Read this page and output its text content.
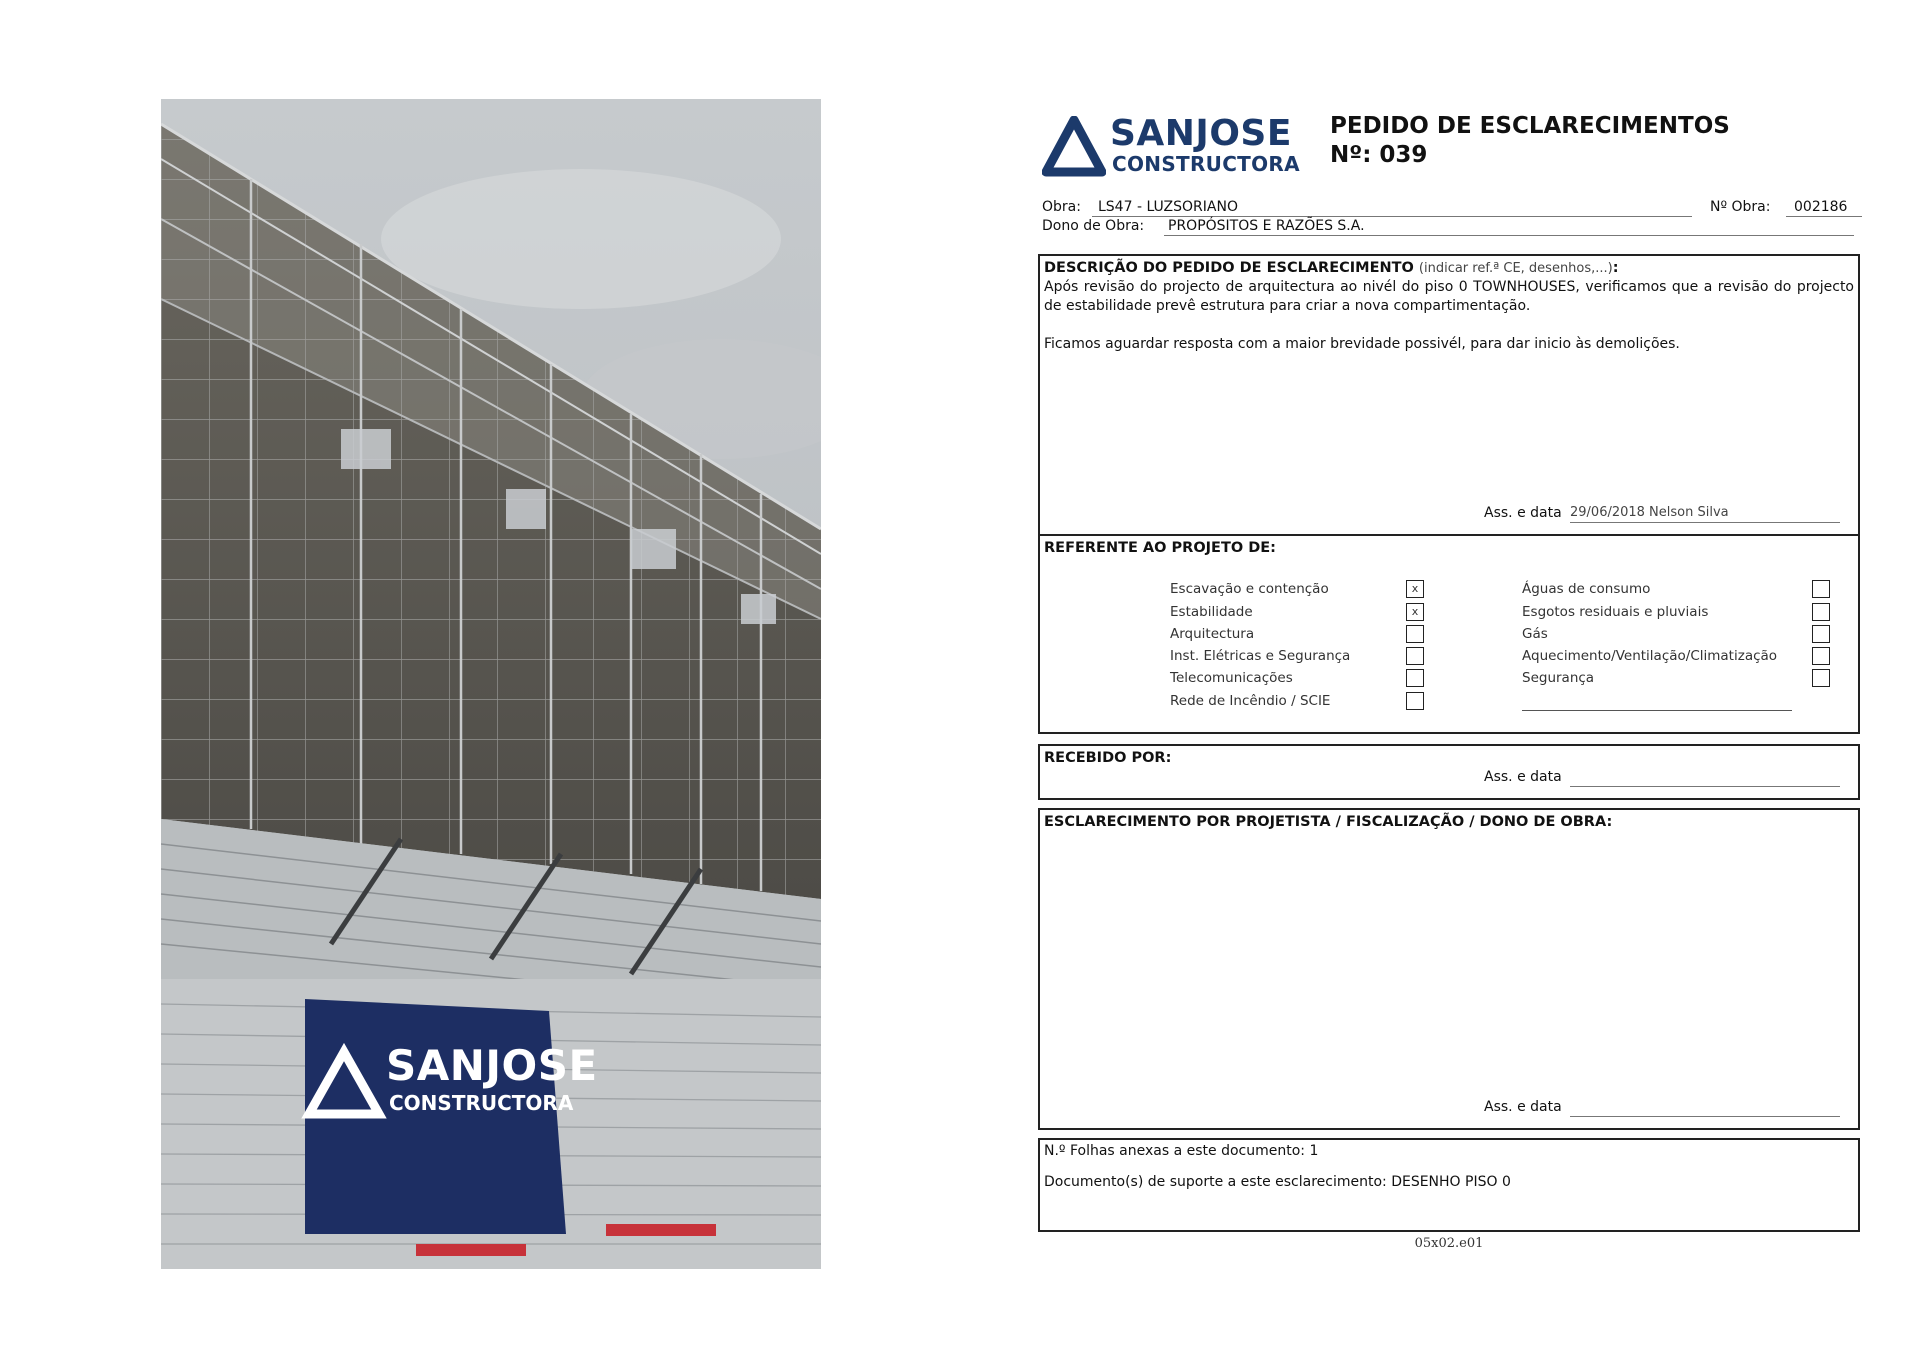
SANJOSE
CONSTRUCTORA
SANJOSE
CONSTRUCTORA
PEDIDO DE ESCLARECIMENTOS
Nº: 039
Obra:	LS47 - LUZSORIANO	Nº Obra:	002186
Dono de Obra: PROPÓSITOS E RAZÕES S.A.
DESCRIÇÃO DO PEDIDO DE ESCLARECIMENTO (indicar ref.ª CE, desenhos,...):

Após revisão do projecto de arquitectura ao nivél do piso 0 TOWNHOUSES, verificamos que a revisão do projecto de estabilidade prevê estrutura para criar a nova compartimentação.

Ficamos aguardar resposta com a maior brevidade possivél, para dar inicio às demolições.

Ass. e data 29/06/2018 Nelson Silva
REFERENTE AO PROJETO DE:
Escavação e contenção	x
Estabilidade	x
Arquitectura
Inst. Elétricas e Segurança
Telecomunicações
Rede de Incêndio / SCIE
Águas de consumo
Esgotos residuais e pluviais
Gás
Aquecimento/Ventilação/Climatização
Segurança
RECEBIDO POR:
Ass. e data
ESCLARECIMENTO POR PROJETISTA / FISCALIZAÇÃO / DONO DE OBRA:
Ass. e data
N.º Folhas anexas a este documento: 1
Documento(s) de suporte a este esclarecimento: DESENHO PISO 0
05x02.e01
